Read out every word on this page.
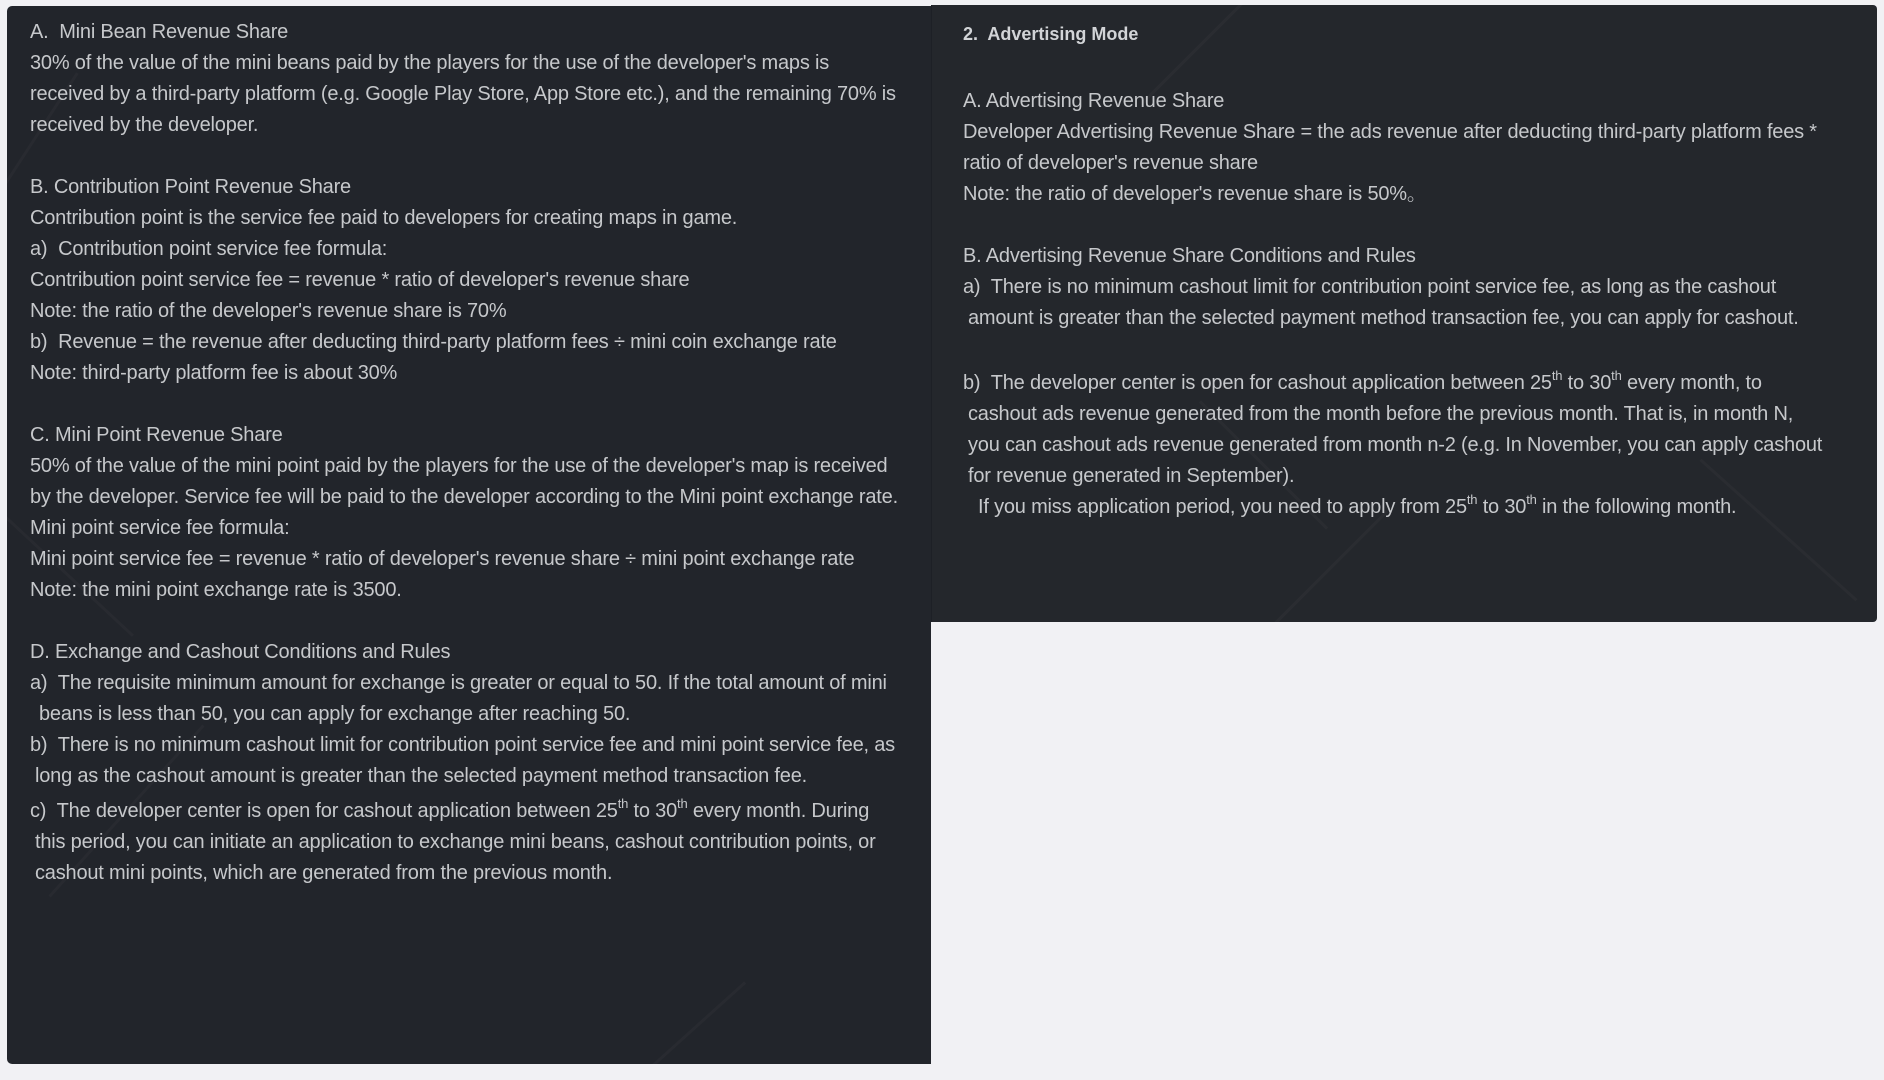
A.  Mini Bean Revenue Share

30% of the value of the mini beans paid by the players for the use of the developer's maps is received by a third-party platform (e.g. Google Play Store, App Store etc.), and the remaining 70% is received by the developer.

B. Contribution Point Revenue Share

Contribution point is the service fee paid to developers for creating maps in game.

a)  Contribution point service fee formula:

Contribution point service fee = revenue * ratio of developer's revenue share

Note: the ratio of the developer's revenue share is 70%

b)  Revenue = the revenue after deducting third-party platform fees ÷ mini coin exchange rate

Note: third-party platform fee is about 30%

C. Mini Point Revenue Share

50% of the value of the mini point paid by the players for the use of the developer's map is received by the developer. Service fee will be paid to the developer according to the Mini point exchange rate.

Mini point service fee formula:

Mini point service fee = revenue * ratio of developer's revenue share ÷ mini point exchange rate

Note: the mini point exchange rate is 3500.

D. Exchange and Cashout Conditions and Rules

a)  The requisite minimum amount for exchange is greater or equal to 50. If the total amount of mini beans is less than 50, you can apply for exchange after reaching 50.

b)  There is no minimum cashout limit for contribution point service fee and mini point service fee, as long as the cashout amount is greater than the selected payment method transaction fee.

c)  The developer center is open for cashout application between 25th to 30th every month. During this period, you can initiate an application to exchange mini beans, cashout contribution points, or cashout mini points, which are generated from the previous month.

2.  Advertising Mode

A. Advertising Revenue Share

Developer Advertising Revenue Share = the ads revenue after deducting third-party platform fees * ratio of developer's revenue share

Note: the ratio of developer's revenue share is 50%。

B. Advertising Revenue Share Conditions and Rules

a)  There is no minimum cashout limit for contribution point service fee, as long as the cashout amount is greater than the selected payment method transaction fee, you can apply for cashout.

b)  The developer center is open for cashout application between 25th to 30th every month, to cashout ads revenue generated from the month before the previous month. That is, in month N, you can cashout ads revenue generated from month n-2 (e.g. In November, you can apply cashout for revenue generated in September).

If you miss application period, you need to apply from 25th to 30th in the following month.
